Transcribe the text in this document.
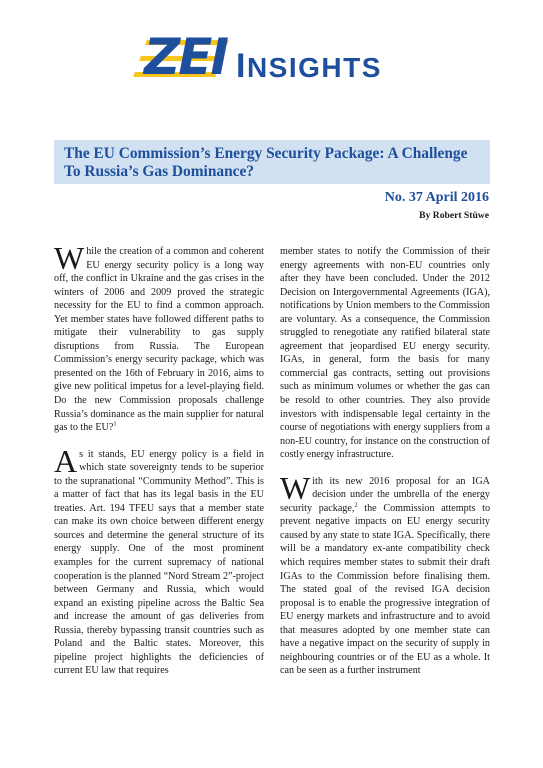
ZEI INSIGHTS
The EU Commission’s Energy Security Package: A Challenge To Russia’s Gas Dominance?
No. 37 April 2016
By Robert Stüwe

While the creation of a common and coherent EU energy security policy is a long way off, the conflict in Ukraine and the gas crises in the winters of 2006 and 2009 proved the strategic necessity for the EU to find a common approach. Yet member states have followed different paths to mitigate their vulnerability to gas supply disruptions from Russia. The European Commission’s energy security package, which was presented on the 16th of February in 2016, aims to give new political impetus for a level-playing field. Do the new Commission proposals challenge Russia’s dominance as the main supplier for natural gas to the EU?$^1$

As it stands, EU energy policy is a field in which state sovereignty tends to be superior to the supranational “Community Method”. This is a matter of fact that has its legal basis in the EU treaties. Art. 194 TFEU says that a member state can make its own choice between different energy sources and determine the general structure of its energy supply. One of the most prominent examples for the current supremacy of national cooperation is the planned “Nord Stream 2”-project between Germany and Russia, which would expand an existing pipeline across the Baltic Sea and increase the amount of gas deliveries from Russia, thereby bypassing transit countries such as Poland and the Baltic states. Moreover, this pipeline project highlights the deficiencies of current EU law that requires

member states to notify the Commission of their energy agreements with non-EU countries only after they have been concluded. Under the 2012 Decision on Intergovernmental Agreements (IGA), notifications by Union members to the Commission are voluntary. As a consequence, the Commission struggled to renegotiate any ratified bilateral state agreement that jeopardised EU energy security. IGAs, in general, form the basis for many commercial gas contracts, setting out provisions such as minimum volumes or whether the gas can be resold to other countries. They also provide investors with indispensable legal certainty in the course of negotiations with energy suppliers from a non-EU country, for instance on the construction of costly energy infrastructure.

With its new 2016 proposal for an IGA decision under the umbrella of the energy security package,$^2$ the Commission attempts to prevent negative impacts on EU energy security caused by any state to state IGA. Specifically, there will be a mandatory ex-ante compatibility check which requires member states to submit their draft IGAs to the Commission before finalising them. The stated goal of the revised IGA decision proposal is to enable the progressive integration of EU energy markets and infrastructure and to avoid that measures adopted by one member state can have a negative impact on the security of supply in neighbouring countries or of the EU as a whole. It can be seen as a further instrument
